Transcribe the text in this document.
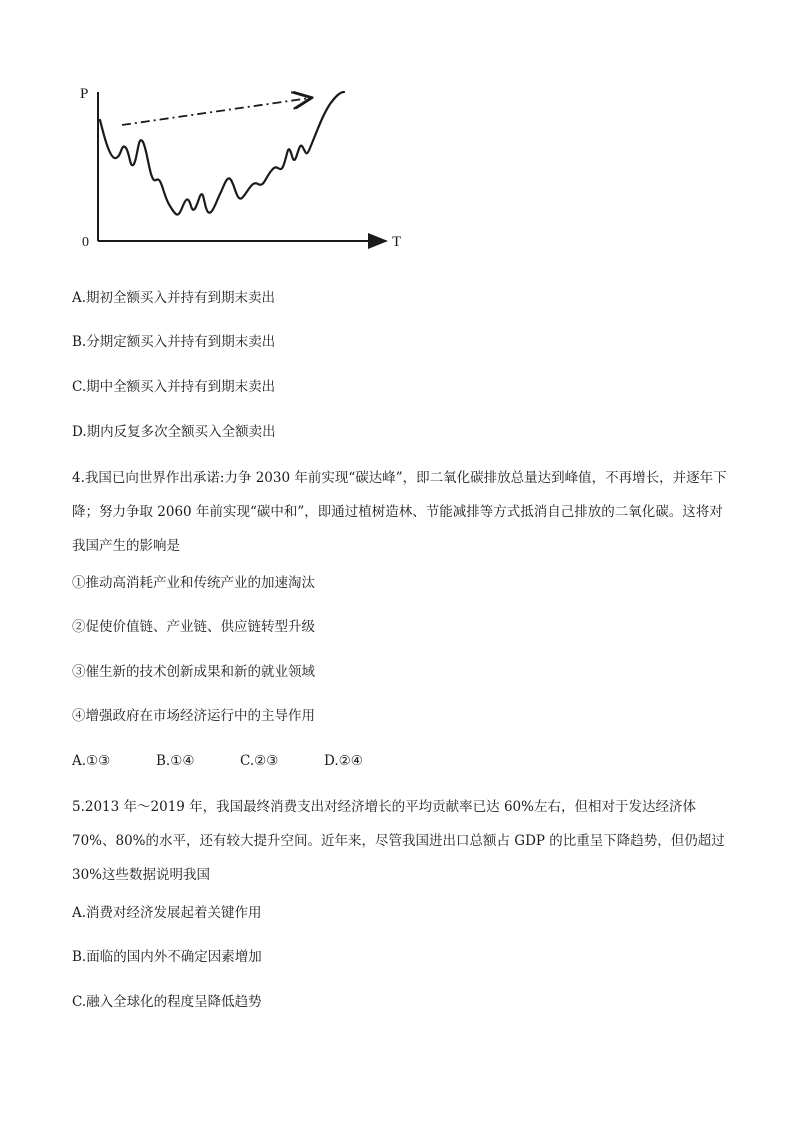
P
T
0
A.期初全额买入并持有到期末卖出
B.分期定额买入并持有到期末卖出
C.期中全额买入并持有到期末卖出
D.期内反复多次全额买入全额卖出
4.我国已向世界作出承诺:力争 2030 年前实现“碳达峰”，即二氧化碳排放总量达到峰值，不再增长，并逐年下降；努力争取 2060 年前实现“碳中和”，即通过植树造林、节能减排等方式抵消自己排放的二氧化碳。这将对我国产生的影响是
①推动高消耗产业和传统产业的加速淘汰
②促使价值链、产业链、供应链转型升级
③催生新的技术创新成果和新的就业领域
④增强政府在市场经济运行中的主导作用
A.①③	B.①④	C.②③	D.②④
5.2013 年～2019 年，我国最终消费支出对经济增长的平均贡献率已达 60%左右，但相对于发达经济体 70%、80%的水平，还有较大提升空间。近年来，尽管我国进出口总额占 GDP 的比重呈下降趋势，但仍超过 30%这些数据说明我国
A.消费对经济发展起着关键作用
B.面临的国内外不确定因素增加
C.融入全球化的程度呈降低趋势
